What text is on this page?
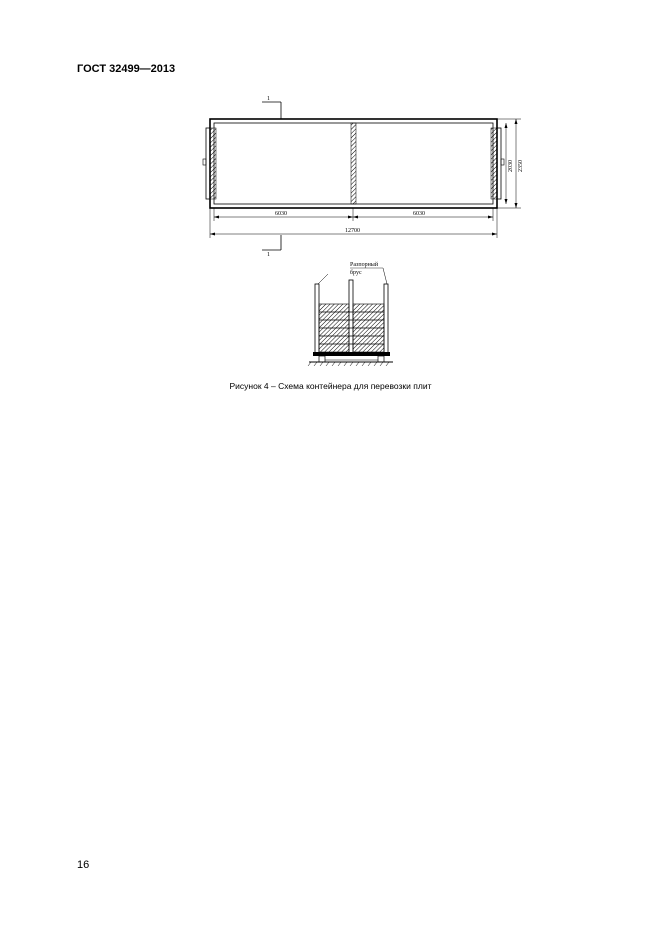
ГОСТ 32499—2013
1
1
6030	6030
12700
2030 2350
Разпорный
брус
Рисунок 4 – Схема контейнера для перевозки плит
16
